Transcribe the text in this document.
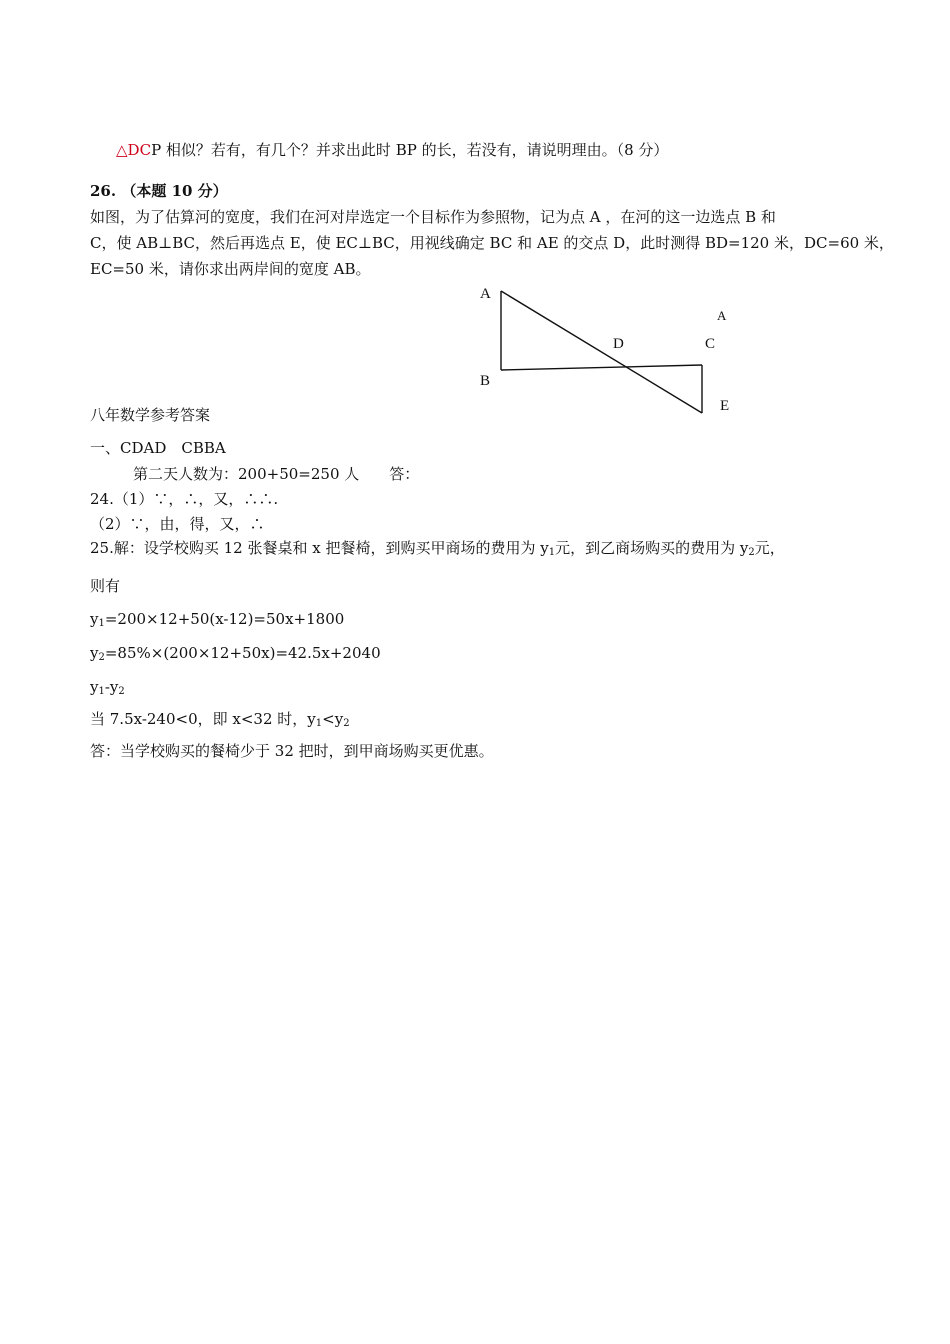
△DCP 相似？若有，有几个？并求出此时 BP 的长，若没有，请说明理由。（8 分）
26. （本题 10 分）
如图，为了估算河的宽度，我们在河对岸选定一个目标作为参照物，记为点 A ，在河的这一边选点 B 和
C，使 AB⊥BC，然后再选点 E，使 EC⊥BC，用视线确定 BC 和 AE 的交点 D，此时测得 BD=120 米，DC=60 米，
EC=50 米，请你求出两岸间的宽度 AB。
A
B
D	C
E
A
八年数学参考答案
一、CDAD　CBBA
第二天人数为：200+50=250 人　　答：
24.（1）∵，∴，又，∴∴.
（2）∵，由，得，又，∴
25.解：设学校购买 12 张餐桌和 x 把餐椅，到购买甲商场的费用为 $y_1$元，到乙商场购买的费用为 $y_2$元，
则有
$y_1=200\times 12+50(x-12)=50x+1800$
$y_2=85\%\times(200\times 12+50x)=42.5x+2040$
$y_1-y_2$
当 7.5x-240<0，即 x<32 时，$y_1<y_2$
答：当学校购买的餐椅少于 32 把时，到甲商场购买更优惠。
